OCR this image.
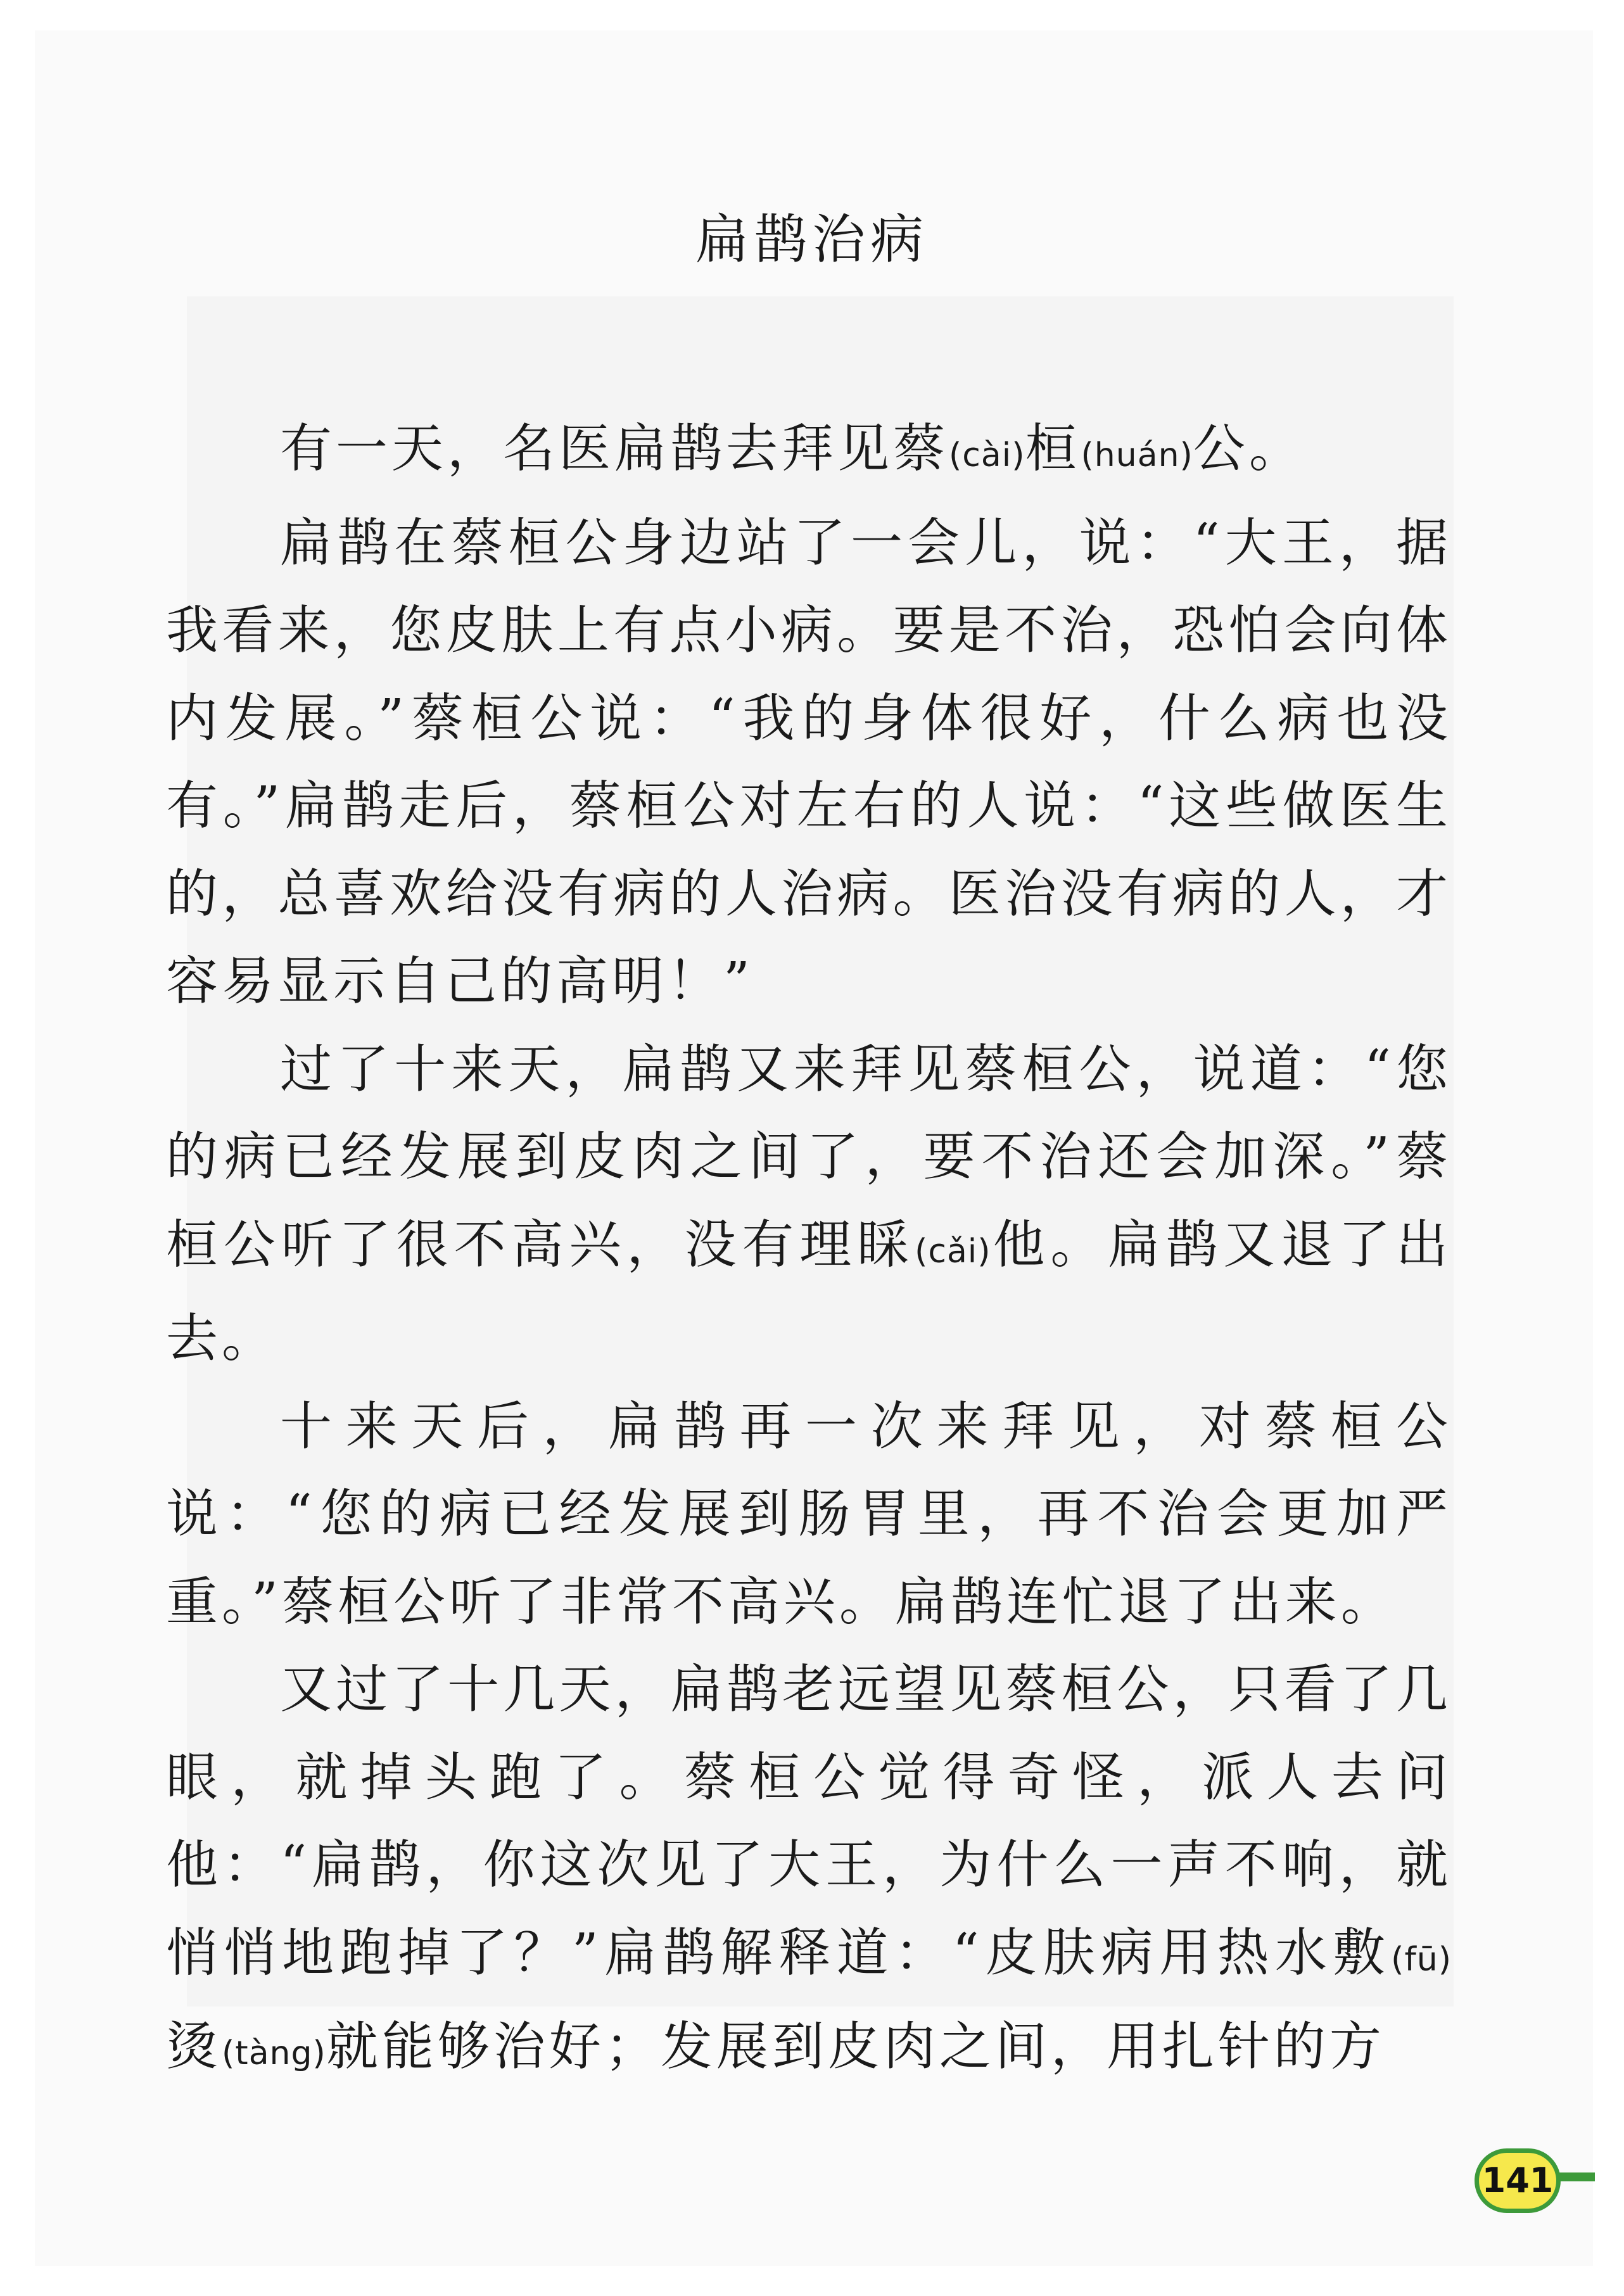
扁鹊治病

有一天，名医扁鹊去拜见蔡(cài)桓(huán)公。

扁鹊在蔡桓公身边站了一会儿，说：“大王，据我看来，您皮肤上有点小病。要是不治，恐怕会向体内发展。”蔡桓公说：“我的身体很好，什么病也没有。”扁鹊走后，蔡桓公对左右的人说：“这些做医生的，总喜欢给没有病的人治病。医治没有病的人，才容易显示自己的高明！”

过了十来天，扁鹊又来拜见蔡桓公，说道：“您的病已经发展到皮肉之间了，要不治还会加深。”蔡桓公听了很不高兴，没有理睬(cǎi)他。扁鹊又退了出去。

十来天后，扁鹊再一次来拜见，对蔡桓公说：“您的病已经发展到肠胃里，再不治会更加严重。”蔡桓公听了非常不高兴。扁鹊连忙退了出来。

又过了十几天，扁鹊老远望见蔡桓公，只看了几眼，就掉头跑了。蔡桓公觉得奇怪，派人去问他：“扁鹊，你这次见了大王，为什么一声不响，就悄悄地跑掉了？”扁鹊解释道：“皮肤病用热水敷(fū)烫(tàng)就能够治好；发展到皮肉之间，用扎针的方

141
